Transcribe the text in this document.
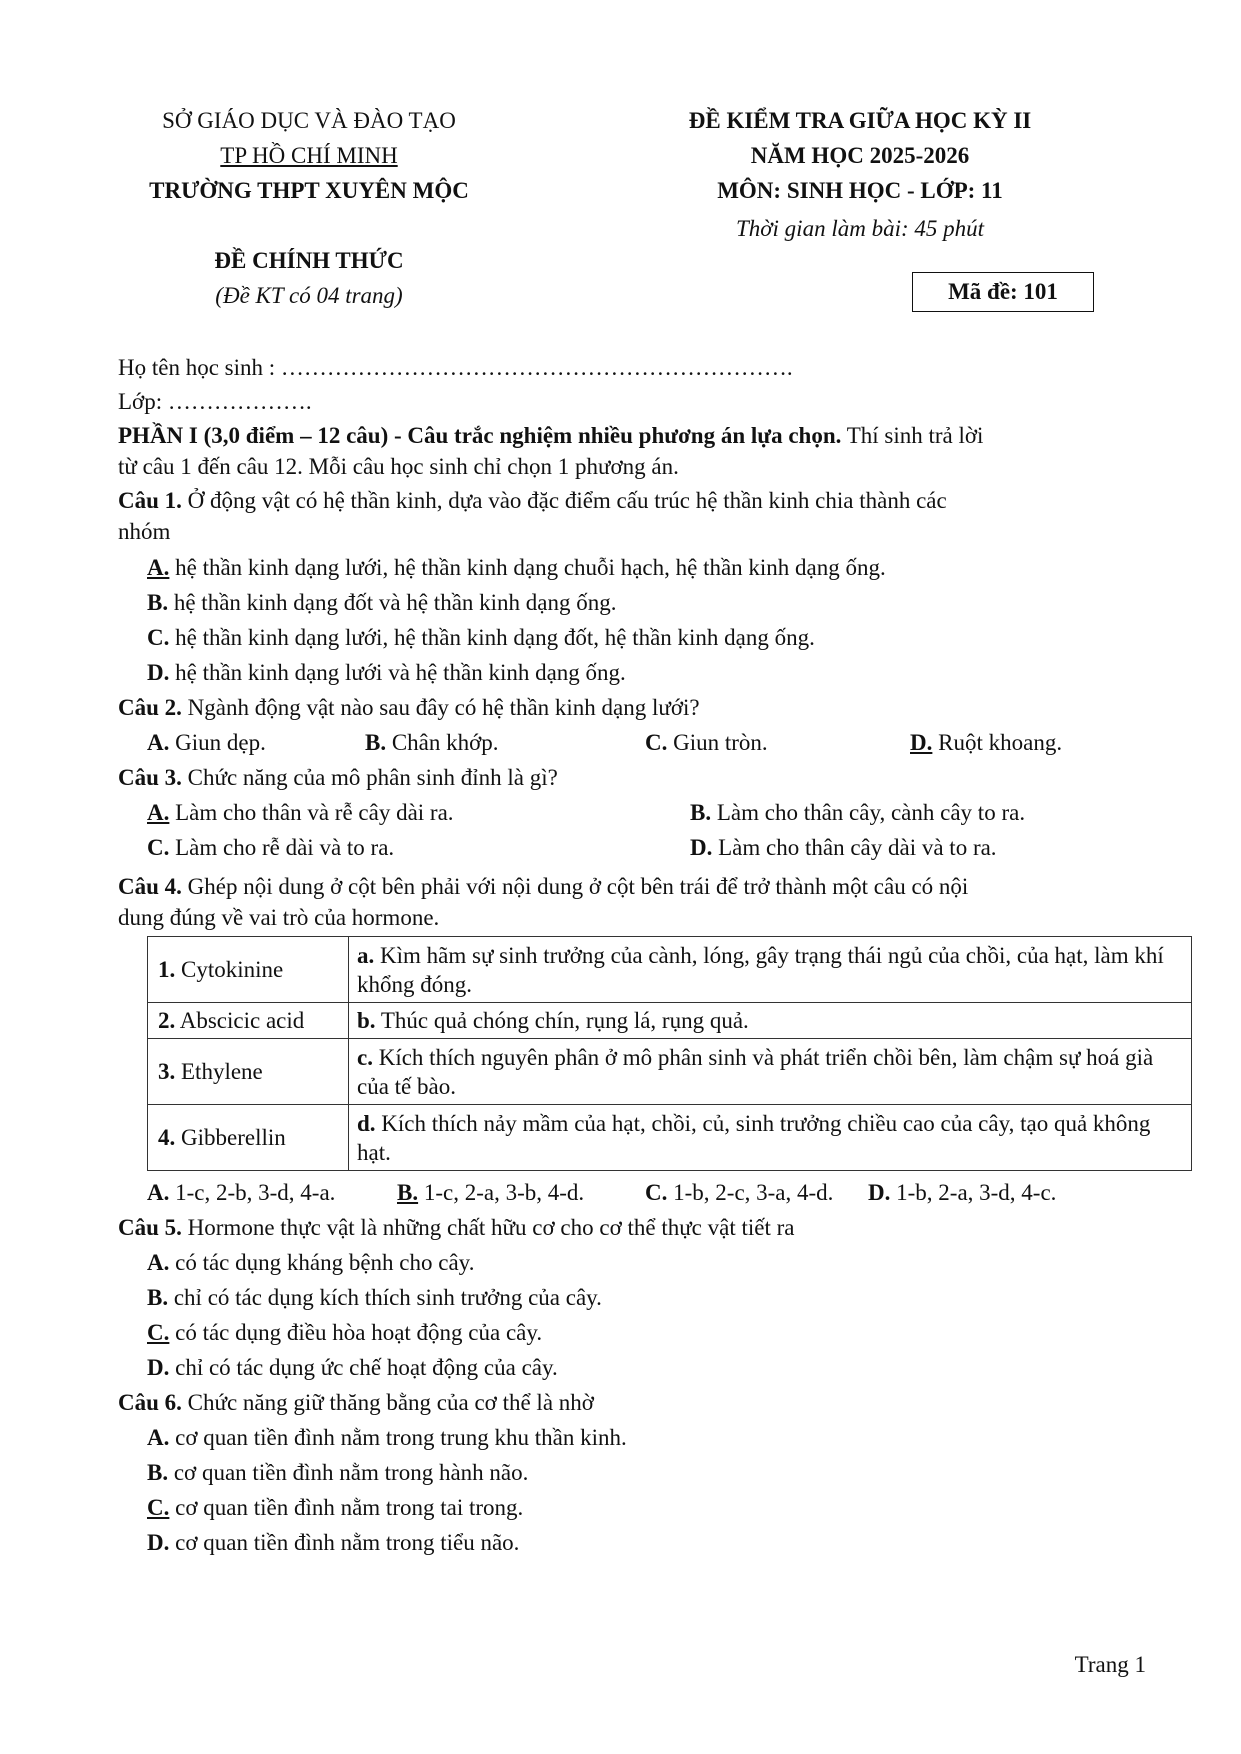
SỞ GIÁO DỤC VÀ ĐÀO TẠO
TP HỒ CHÍ MINH
TRƯỜNG THPT XUYÊN MỘC
ĐỀ CHÍNH THỨC
(Đề KT có 04 trang)
ĐỀ KIỂM TRA GIỮA HỌC KỲ II
NĂM HỌC 2025-2026
MÔN: SINH HỌC - LỚP: 11
Thời gian làm bài: 45 phút
Mã đề: 101
Họ tên học sinh : ………………………………………………………….
Lớp: ……………….
PHẦN I (3,0 điểm – 12 câu) - Câu trắc nghiệm nhiều phương án lựa chọn. Thí sinh trả lời
từ câu 1 đến câu 12. Mỗi câu học sinh chỉ chọn 1 phương án.
Câu 1. Ở động vật có hệ thần kinh, dựa vào đặc điểm cấu trúc hệ thần kinh chia thành các
nhóm
A. hệ thần kinh dạng lưới, hệ thần kinh dạng chuỗi hạch, hệ thần kinh dạng ống.
B. hệ thần kinh dạng đốt và hệ thần kinh dạng ống.
C. hệ thần kinh dạng lưới, hệ thần kinh dạng đốt, hệ thần kinh dạng ống.
D. hệ thần kinh dạng lưới và hệ thần kinh dạng ống.
Câu 2. Ngành động vật nào sau đây có hệ thần kinh dạng lưới?
A. Giun dẹp.	B. Chân khớp.	C. Giun tròn.	D. Ruột khoang.
Câu 3. Chức năng của mô phân sinh đỉnh là gì?
A. Làm cho thân và rễ cây dài ra.	B. Làm cho thân cây, cành cây to ra.
C. Làm cho rễ dài và to ra.	D. Làm cho thân cây dài và to ra.
Câu 4. Ghép nội dung ở cột bên phải với nội dung ở cột bên trái để trở thành một câu có nội
dung đúng về vai trò của hormone.
1. Cytokinine	a. Kìm hãm sự sinh trưởng của cành, lóng, gây trạng thái ngủ của chồi, của hạt, làm khí khổng đóng.
2. Abscicic acid	b. Thúc quả chóng chín, rụng lá, rụng quả.
3. Ethylene	c. Kích thích nguyên phân ở mô phân sinh và phát triển chồi bên, làm chậm sự hoá già của tế bào.
4. Gibberellin	d. Kích thích nảy mầm của hạt, chồi, củ, sinh trưởng chiều cao của cây, tạo quả không hạt.
A. 1-c, 2-b, 3-d, 4-a.	B. 1-c, 2-a, 3-b, 4-d.	C. 1-b, 2-c, 3-a, 4-d. D. 1-b, 2-a, 3-d, 4-c.
Câu 5. Hormone thực vật là những chất hữu cơ cho cơ thể thực vật tiết ra
A. có tác dụng kháng bệnh cho cây.
B. chỉ có tác dụng kích thích sinh trưởng của cây.
C. có tác dụng điều hòa hoạt động của cây.
D. chỉ có tác dụng ức chế hoạt động của cây.
Câu 6. Chức năng giữ thăng bằng của cơ thể là nhờ
A. cơ quan tiền đình nằm trong trung khu thần kinh.
B. cơ quan tiền đình nằm trong hành não.
C. cơ quan tiền đình nằm trong tai trong.
D. cơ quan tiền đình nằm trong tiểu não.
Trang 1
